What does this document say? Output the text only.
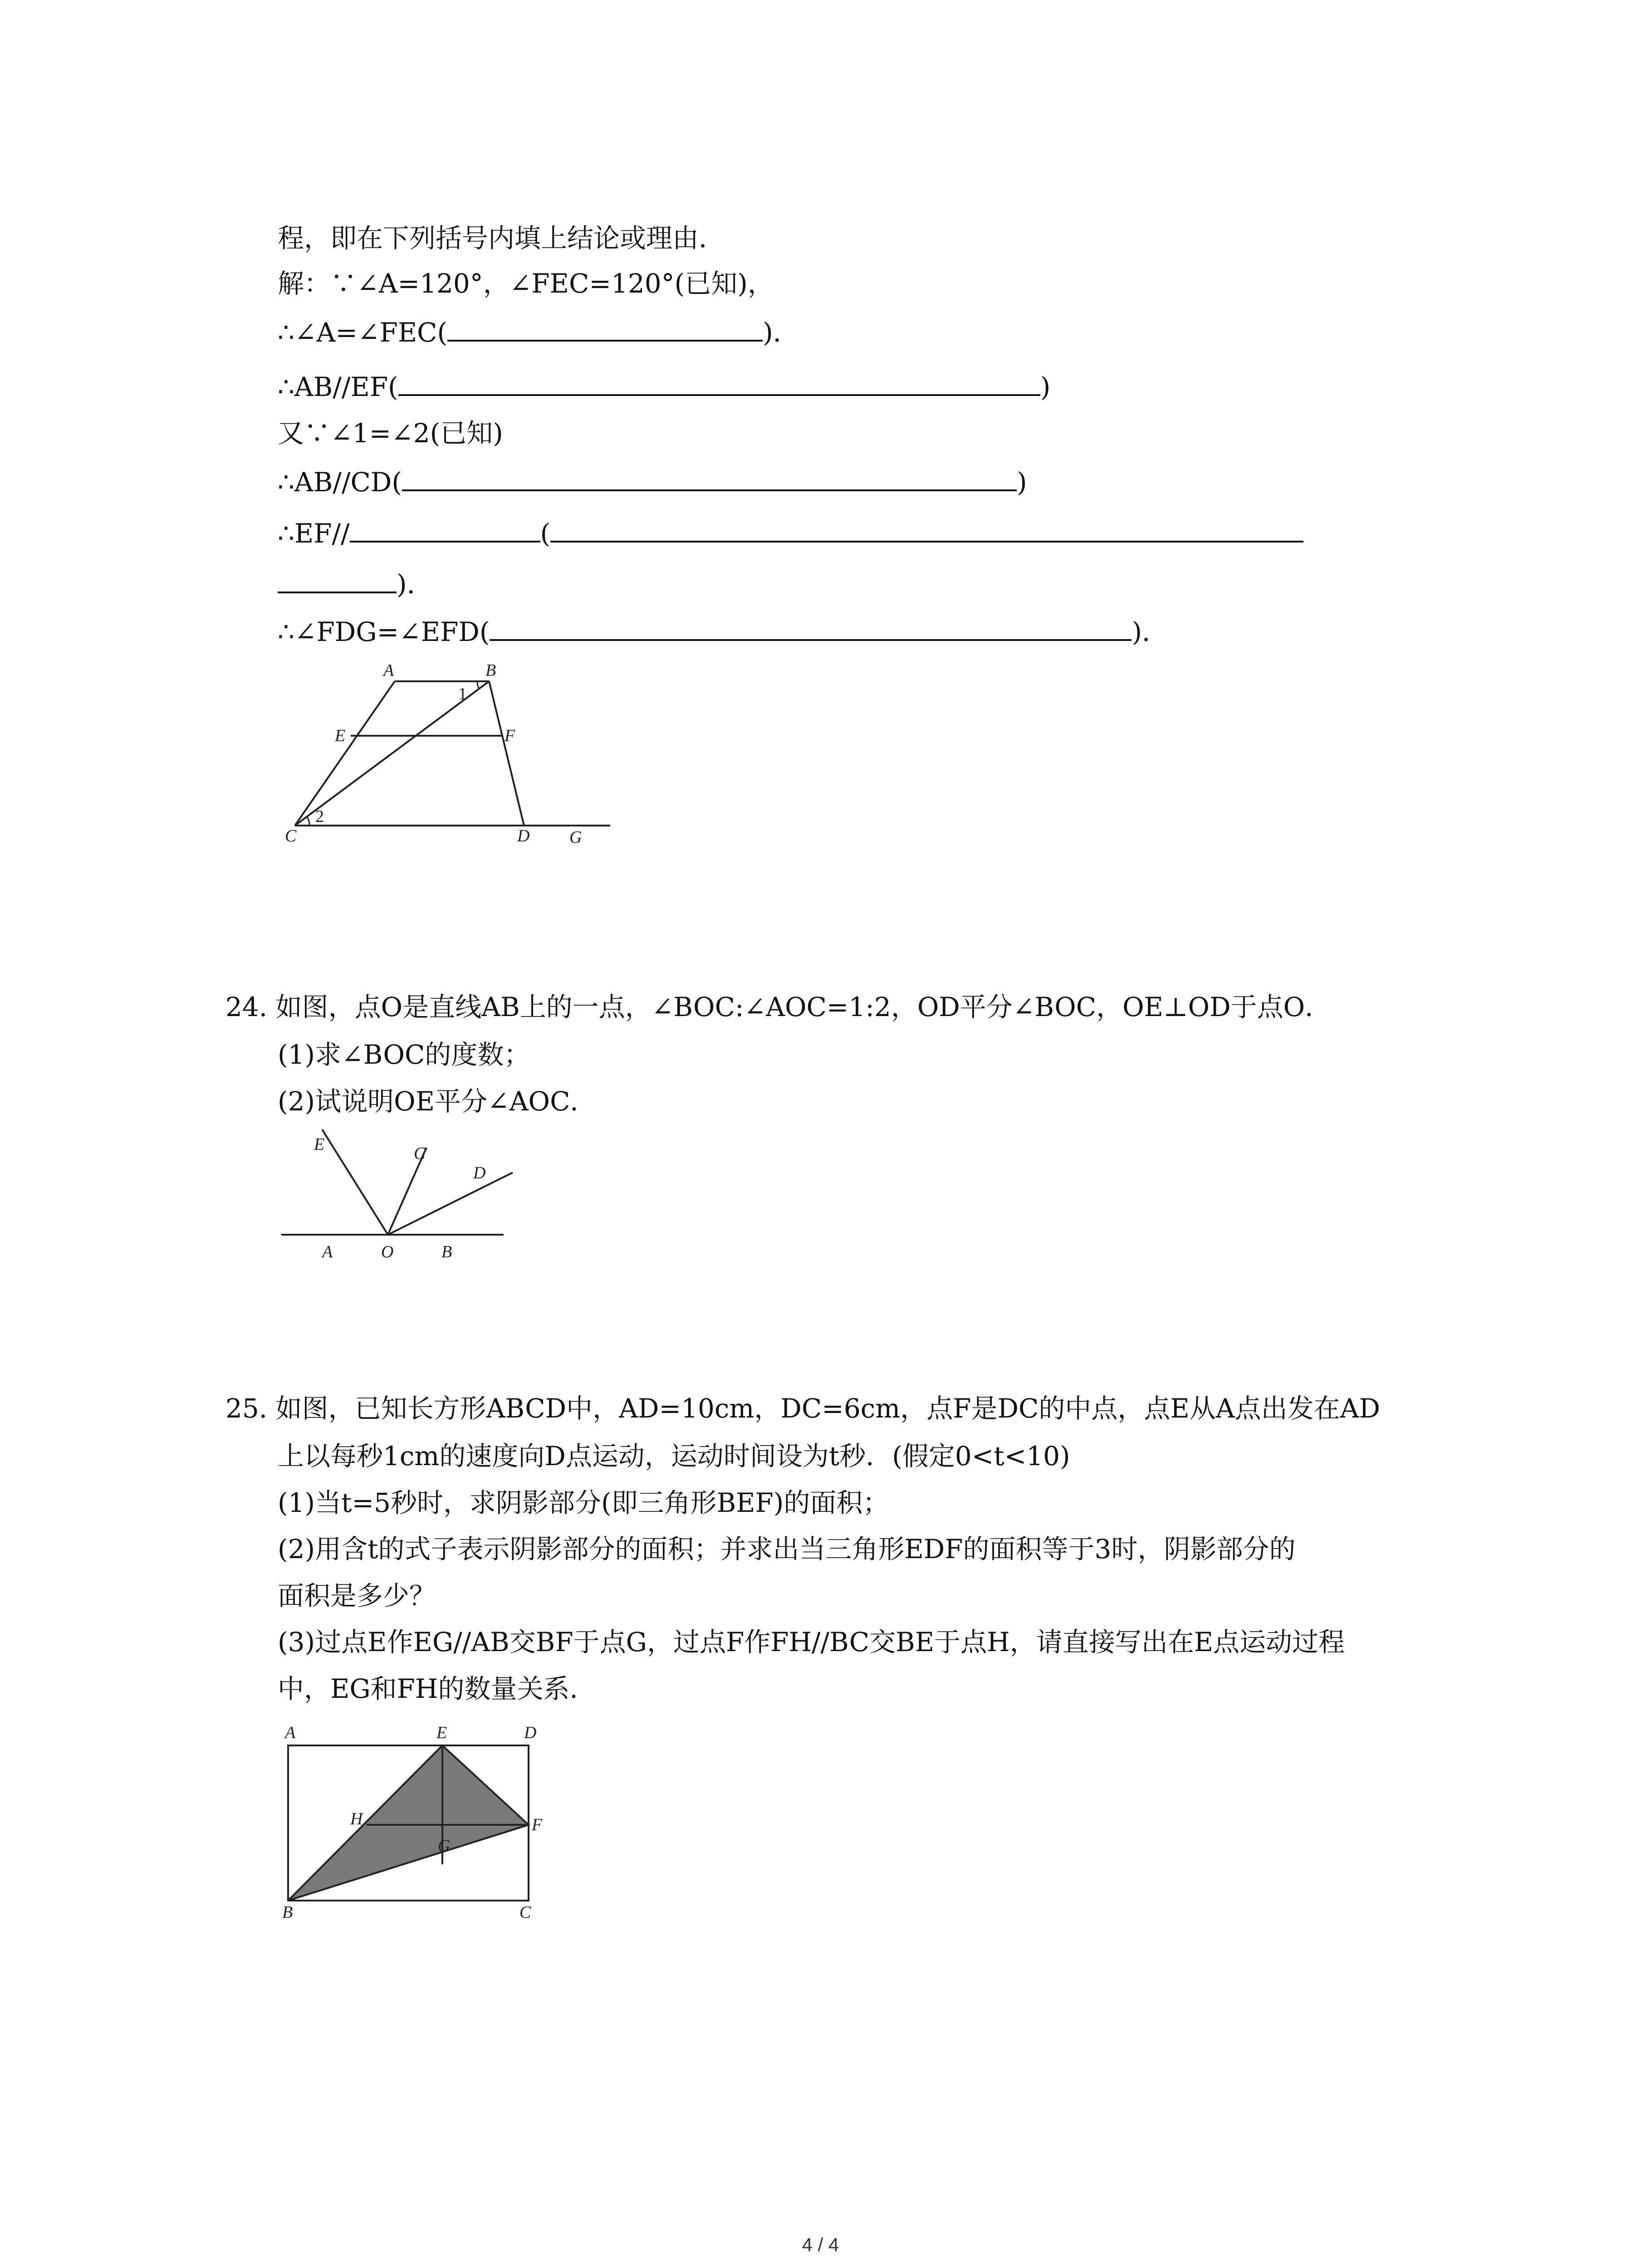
程，即在下列括号内填上结论或理由．
解：∵∠A=120°，∠FEC=120°(已知)，
∴∠A=∠FEC(	)．
∴AB//EF(	)
又∵∠1=∠2(已知)
∴AB//CD(	)
∴EF//	(
)．
∴∠FDG=∠EFD(	)．
A	B
1
E	F
2
C	D G
24. 如图，点O是直线AB上的一点，∠BOC:∠AOC=1:2，OD平分∠BOC，OE⊥OD于点O．
(1)求∠BOC的度数；
(2)试说明OE平分∠AOC．
E	C
D
A	O	B
25. 如图，已知长方形ABCD中，AD=10cm，DC=6cm，点F是DC的中点，点E从A点出发在AD
上以每秒1cm的速度向D点运动，运动时间设为t秒．(假定0<t<10)
(1)当t=5秒时，求阴影部分(即三角形BEF)的面积；
(2)用含t的式子表示阴影部分的面积；并求出当三角形EDF的面积等于3时，阴影部分的
面积是多少？
(3)过点E作EG//AB交BF于点G，过点F作FH//BC交BE于点H，请直接写出在E点运动过程
中，EG和FH的数量关系．
A	E	D
H	F
G
B	C
4 / 4
